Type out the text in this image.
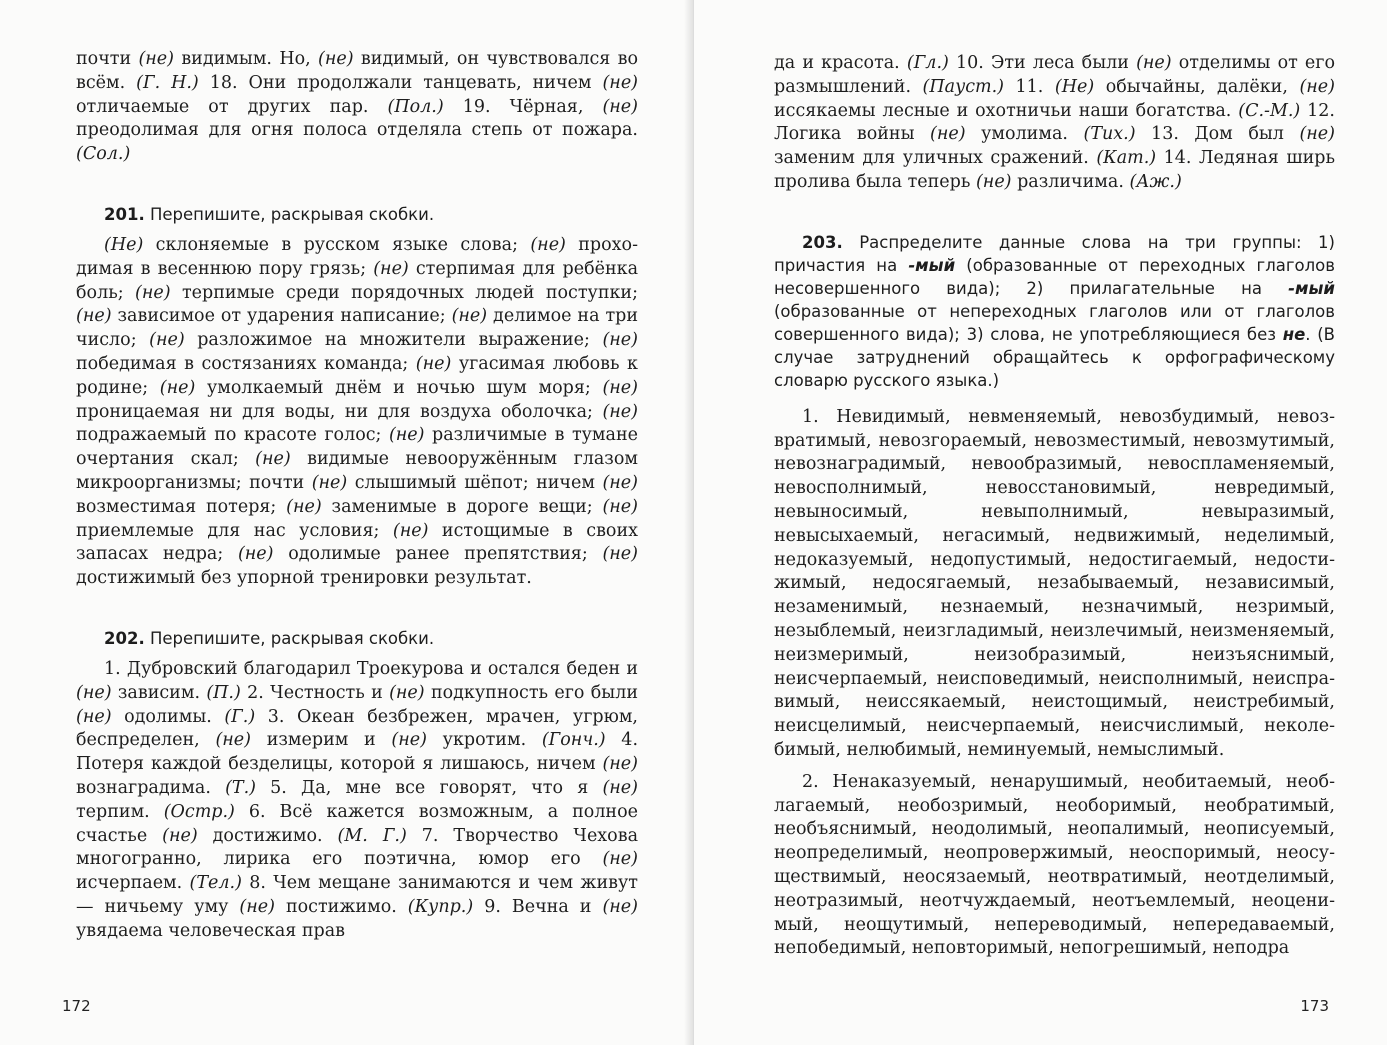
почти (не) видимым. Но, (не) видимый, он чувствовался во всём. (Г. Н.) 18. Они продолжали танцевать, ничем (не) отличаемые от других пар. (Пол.) 19. Чёрная, (не) преодолимая для огня полоса отделяла степь от пожара. (Сол.)

201. Перепишите, раскрывая скобки.

(Не) склоняемые в русском языке слова; (не) проходимая в весеннюю пору грязь; (не) стерпимая для ребёнка боль; (не) терпимые среди порядочных людей поступки; (не) зависимое от ударения написание; (не) делимое на три число; (не) разложимое на множители выражение; (не) победимая в состязаниях команда; (не) угасимая любовь к родине; (не) умолкаемый днём и ночью шум моря; (не) проницаемая ни для воды, ни для воздуха оболочка; (не) подражаемый по красоте голос; (не) различимые в тумане очертания скал; (не) видимые невооружённым глазом микроорганизмы; почти (не) слышимый шёпот; ничем (не) возместимая потеря; (не) заменимые в дороге вещи; (не) приемлемые для нас условия; (не) истощимые в своих запасах недра; (не) одолимые ранее препятствия; (не) достижимый без упорной тренировки результат.

202. Перепишите, раскрывая скобки.

1. Дубровский благодарил Троекурова и остался беден и (не) зависим. (П.) 2. Честность и (не) подкупность его были (не) одолимы. (Г.) 3. Океан безбрежен, мрачен, угрюм, беспределен, (не) измерим и (не) укротим. (Гонч.) 4. Потеря каждой безделицы, которой я лишаюсь, ничем (не) вознаградима. (Т.) 5. Да, мне все говорят, что я (не) терпим. (Остр.) 6. Всё кажется возможным, а полное счастье (не) достижимо. (М. Г.) 7. Творчество Чехова многогранно, лирика его поэтична, юмор его (не) исчерпаем. (Тел.) 8. Чем мещане занимаются и чем живут — ничьему уму (не) постижимо. (Купр.) 9. Вечна и (не) увядаема человеческая прав

172

да и красота. (Гл.) 10. Эти леса были (не) отделимы от его размышлений. (Пауст.) 11. (Не) обычайны, далёки, (не) иссякаемы лесные и охотничьи наши богатства. (С.-М.) 12. Логика войны (не) умолима. (Тих.) 13. Дом был (не) заменим для уличных сражений. (Кат.) 14. Ледяная ширь пролива была теперь (не) различима. (Аж.)

203. Распределите данные слова на три группы: 1) причастия на -мый (образованные от переходных глаголов несовершенного вида); 2) прилагательные на -мый (образованные от непереходных глаголов или от глаголов совершенного вида); 3) слова, не употребляющиеся без не. (В случае затруднений обращайтесь к орфографическому словарю русского языка.)

1. Невидимый, невменяемый, невозбудимый, невозвратимый, невозгораемый, невозместимый, невозмутимый, невознаградимый, невообразимый, невоспламеняемый, невосполнимый, невосстановимый, невредимый, невыносимый, невыполнимый, невыразимый, невысыхаемый, негасимый, недвижимый, неделимый, недоказуемый, недопустимый, недостигаемый, недостижимый, недосягаемый, незабываемый, независимый, незаменимый, незнаемый, незначимый, незримый, незыблемый, неизгладимый, неизлечимый, неизменяемый, неизмеримый, неизобразимый, неизъяснимый, неисчерпаемый, неисповедимый, неисполнимый, неисправимый, неиссякаемый, неистощимый, неистребимый, неисцелимый, неисчерпаемый, неисчислимый, неколебимый, нелюбимый, неминуемый, немыслимый.

2. Ненаказуемый, ненарушимый, необитаемый, необлагаемый, необозримый, необоримый, необратимый, необъяснимый, неодолимый, неопалимый, неописуемый, неопределимый, неопровержимый, неоспоримый, неосуществимый, неосязаемый, неотвратимый, неотделимый, неотразимый, неотчуждаемый, неотъемлемый, неоценимый, неощутимый, непереводимый, непередаваемый, непобедимый, неповторимый, непогрешимый, неподра

173
